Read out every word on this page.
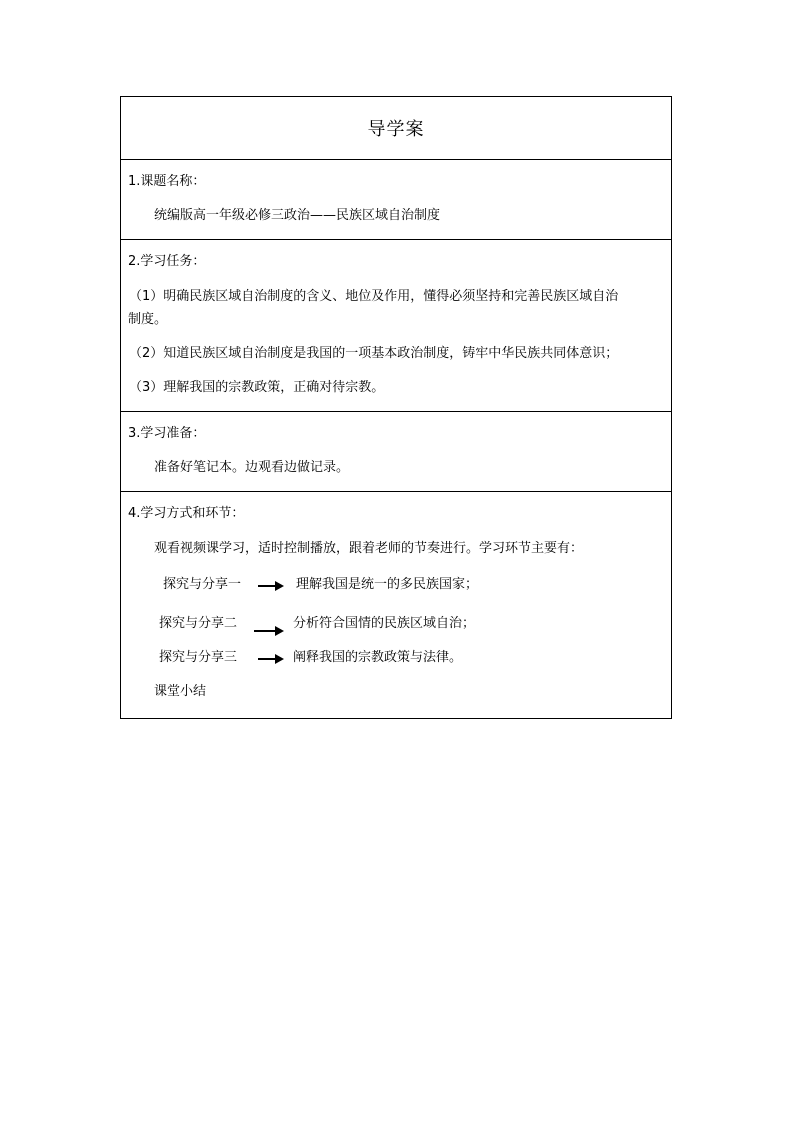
导学案
1.课题名称：
统编版高一年级必修三政治——民族区域自治制度
2.学习任务：
（1）明确民族区域自治制度的含义、地位及作用，懂得必须坚持和完善民族区域自治
制度。
（2）知道民族区域自治制度是我国的一项基本政治制度，铸牢中华民族共同体意识；
（3）理解我国的宗教政策，正确对待宗教。
3.学习准备：
准备好笔记本。边观看边做记录。
4.学习方式和环节：
观看视频课学习，适时控制播放，跟着老师的节奏进行。学习环节主要有：
探究与分享一	理解我国是统一的多民族国家；
探究与分享二	分析符合国情的民族区域自治；
探究与分享三	阐释我国的宗教政策与法律。
课堂小结
